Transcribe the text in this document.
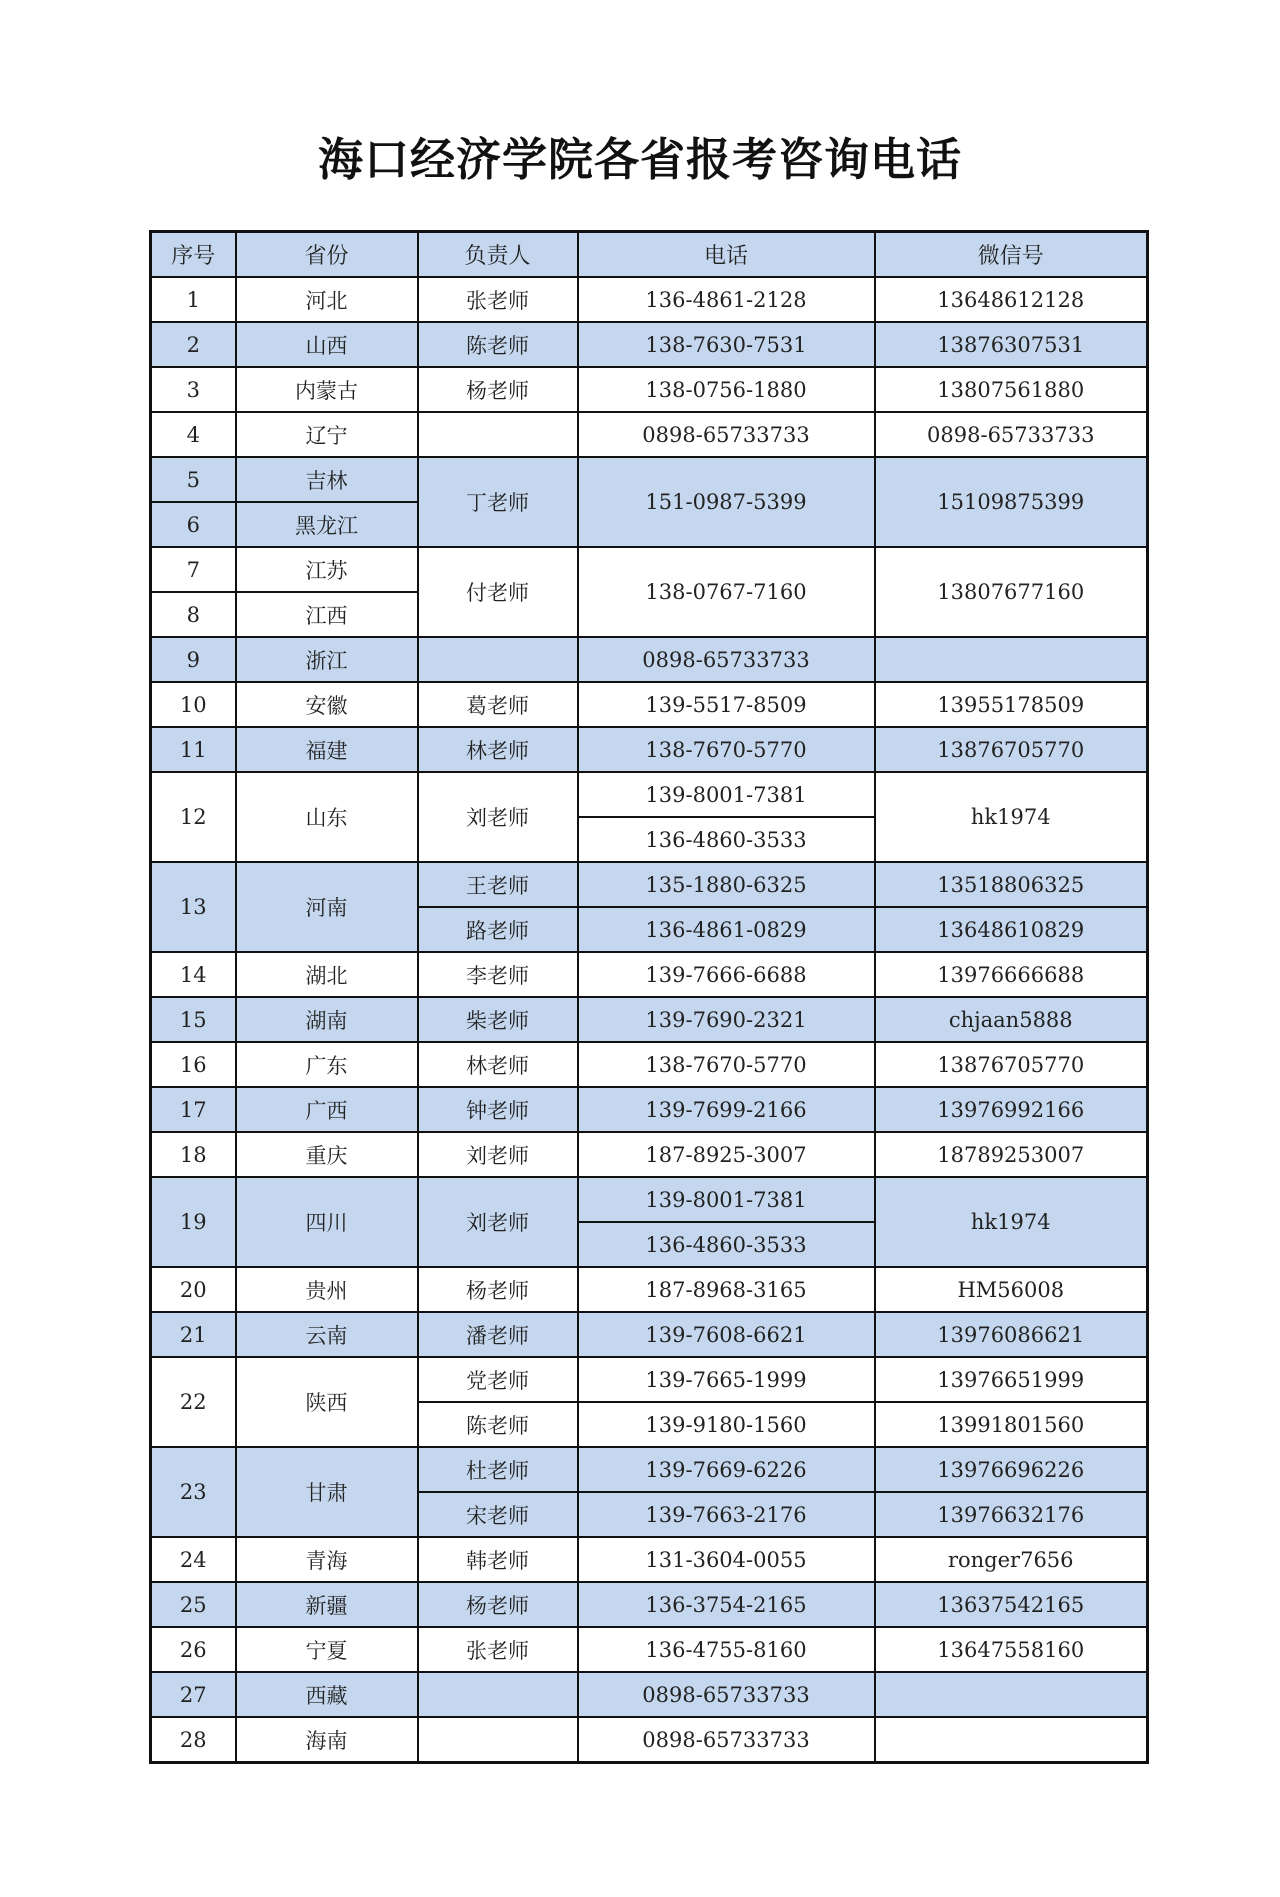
海口经济学院各省报考咨询电话
序号	省份	负责人	电话	微信号
1	河北	张老师	136-4861-2128	13648612128
2	山西	陈老师	138-7630-7531	13876307531
3	内蒙古	杨老师	138-0756-1880	13807561880
4	辽宁		0898-65733733	0898-65733733
5	吉林	丁老师	151-0987-5399	15109875399
6	黑龙江			
7	江苏	付老师	138-0767-7160	13807677160
8	江西			
9	浙江		0898-65733733	
10	安徽	葛老师	139-5517-8509	13955178509
11	福建	林老师	138-7670-5770	13876705770
12	山东	刘老师	139-8001-7381	hk1974
			136-4860-3533	
13	河南	王老师	135-1880-6325	13518806325
		路老师	136-4861-0829	13648610829
14	湖北	李老师	139-7666-6688	13976666688
15	湖南	柴老师	139-7690-2321	chjaan5888
16	广东	林老师	138-7670-5770	13876705770
17	广西	钟老师	139-7699-2166	13976992166
18	重庆	刘老师	187-8925-3007	18789253007
19	四川	刘老师	139-8001-7381	hk1974
			136-4860-3533	
20	贵州	杨老师	187-8968-3165	HM56008
21	云南	潘老师	139-7608-6621	13976086621
22	陕西	党老师	139-7665-1999	13976651999
		陈老师	139-9180-1560	13991801560
23	甘肃	杜老师	139-7669-6226	13976696226
		宋老师	139-7663-2176	13976632176
24	青海	韩老师	131-3604-0055	ronger7656
25	新疆	杨老师	136-3754-2165	13637542165
26	宁夏	张老师	136-4755-8160	13647558160
27	西藏		0898-65733733	
28	海南		0898-65733733	
